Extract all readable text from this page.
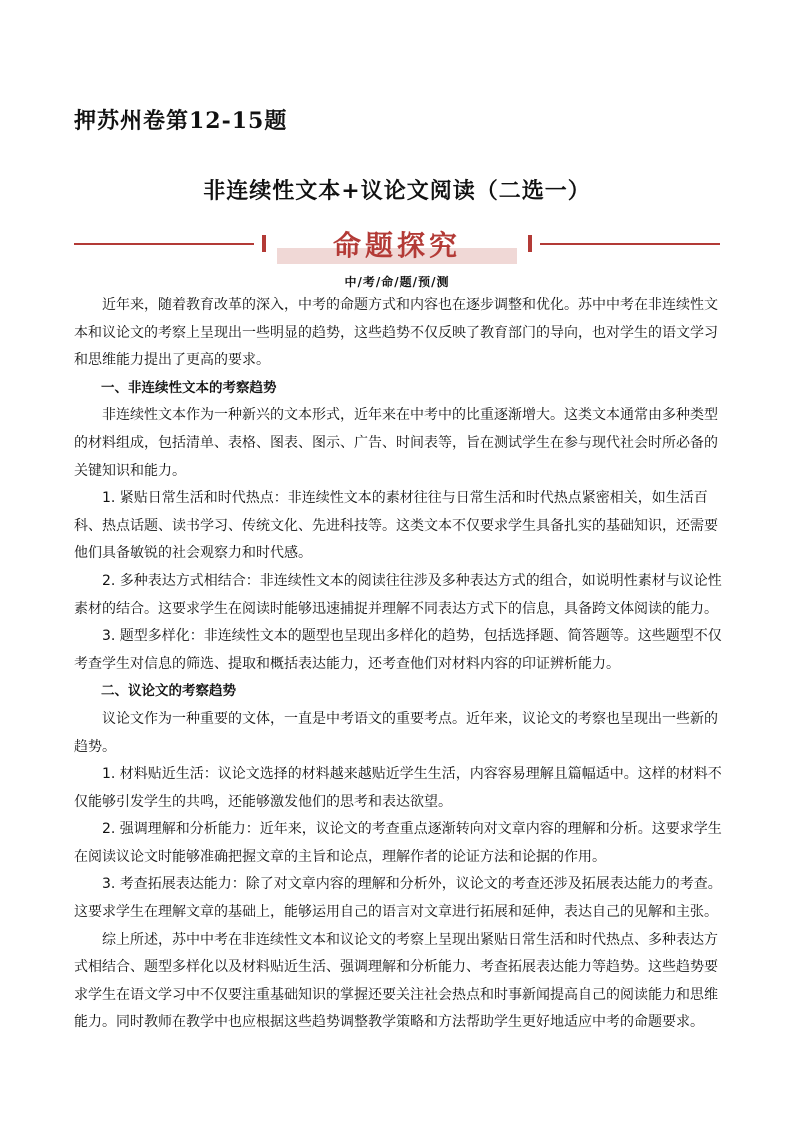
押苏州卷第12-15题
非连续性文本+议论文阅读（二选一）
命题探究
中/考/命/题/预/测

近年来，随着教育改革的深入，中考的命题方式和内容也在逐步调整和优化。苏中中考在非连续性文本和议论文的考察上呈现出一些明显的趋势，这些趋势不仅反映了教育部门的导向，也对学生的语文学习和思维能力提出了更高的要求。

一、非连续性文本的考察趋势

非连续性文本作为一种新兴的文本形式，近年来在中考中的比重逐渐增大。这类文本通常由多种类型的材料组成，包括清单、表格、图表、图示、广告、时间表等，旨在测试学生在参与现代社会时所必备的关键知识和能力。

1. 紧贴日常生活和时代热点：非连续性文本的素材往往与日常生活和时代热点紧密相关，如生活百科、热点话题、读书学习、传统文化、先进科技等。这类文本不仅要求学生具备扎实的基础知识，还需要他们具备敏锐的社会观察力和时代感。

2. 多种表达方式相结合：非连续性文本的阅读往往涉及多种表达方式的组合，如说明性素材与议论性素材的结合。这要求学生在阅读时能够迅速捕捉并理解不同表达方式下的信息，具备跨文体阅读的能力。

3. 题型多样化：非连续性文本的题型也呈现出多样化的趋势，包括选择题、简答题等。这些题型不仅考查学生对信息的筛选、提取和概括表达能力，还考查他们对材料内容的印证辨析能力。

二、议论文的考察趋势

议论文作为一种重要的文体，一直是中考语文的重要考点。近年来，议论文的考察也呈现出一些新的趋势。

1. 材料贴近生活：议论文选择的材料越来越贴近学生生活，内容容易理解且篇幅适中。这样的材料不仅能够引发学生的共鸣，还能够激发他们的思考和表达欲望。

2. 强调理解和分析能力：近年来，议论文的考查重点逐渐转向对文章内容的理解和分析。这要求学生在阅读议论文时能够准确把握文章的主旨和论点，理解作者的论证方法和论据的作用。

3. 考查拓展表达能力：除了对文章内容的理解和分析外，议论文的考查还涉及拓展表达能力的考查。这要求学生在理解文章的基础上，能够运用自己的语言对文章进行拓展和延伸，表达自己的见解和主张。

综上所述，苏中中考在非连续性文本和议论文的考察上呈现出紧贴日常生活和时代热点、多种表达方式相结合、题型多样化以及材料贴近生活、强调理解和分析能力、考查拓展表达能力等趋势。这些趋势要求学生在语文学习中不仅要注重基础知识的掌握还要关注社会热点和时事新闻提高自己的阅读能力和思维能力。同时教师在教学中也应根据这些趋势调整教学策略和方法帮助学生更好地适应中考的命题要求。
